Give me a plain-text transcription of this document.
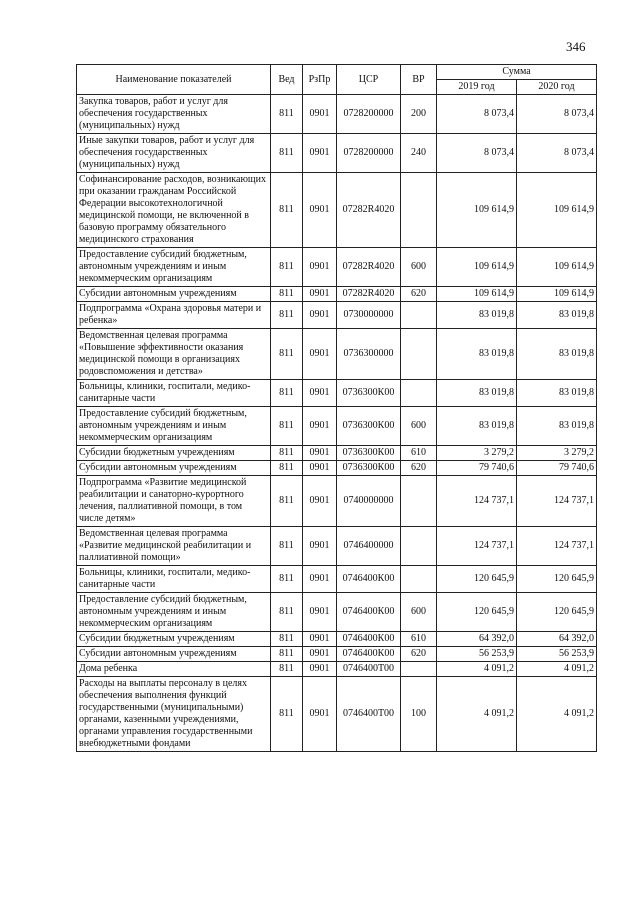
346
Наименование показателей	Вед	РзПр	ЦСР	ВР	Сумма	
					2019 год	2020 год
Закупка товаров, работ и услуг для обеспечения государственных (муниципальных) нужд	811	0901	0728200000	200	8 073,4	8 073,4
Иные закупки товаров, работ и услуг для обеспечения государственных (муниципальных) нужд	811	0901	0728200000	240	8 073,4	8 073,4
Софинансирование расходов, возникающих при оказании гражданам Российской Федерации высокотехнологичной медицинской помощи, не включенной в базовую программу обязательного медицинского страхования	811	0901	07282R4020		109 614,9	109 614,9
Предоставление субсидий бюджетным, автономным учреждениям и иным некоммерческим организациям	811	0901	07282R4020	600	109 614,9	109 614,9
Субсидии автономным учреждениям	811	0901	07282R4020	620	109 614,9	109 614,9
Подпрограмма «Охрана здоровья матери и ребенка»	811	0901	0730000000		83 019,8	83 019,8
Ведомственная целевая программа «Повышение эффективности оказания медицинской помощи в организациях родовспоможения и детства»	811	0901	0736300000		83 019,8	83 019,8
Больницы, клиники, госпитали, медико-санитарные части	811	0901	0736300К00		83 019,8	83 019,8
Предоставление субсидий бюджетным, автономным учреждениям и иным некоммерческим организациям	811	0901	0736300К00	600	83 019,8	83 019,8
Субсидии бюджетным учреждениям	811	0901	0736300К00	610	3 279,2	3 279,2
Субсидии автономным учреждениям	811	0901	0736300К00	620	79 740,6	79 740,6
Подпрограмма «Развитие медицинской реабилитации и санаторно-курортного лечения, паллиативной помощи, в том числе детям»	811	0901	0740000000		124 737,1	124 737,1
Ведомственная целевая программа «Развитие медицинской реабилитации и паллиативной помощи»	811	0901	0746400000		124 737,1	124 737,1
Больницы, клиники, госпитали, медико-санитарные части	811	0901	0746400К00		120 645,9	120 645,9
Предоставление субсидий бюджетным, автономным учреждениям и иным некоммерческим организациям	811	0901	0746400К00	600	120 645,9	120 645,9
Субсидии бюджетным учреждениям	811	0901	0746400К00	610	64 392,0	64 392,0
Субсидии автономным учреждениям	811	0901	0746400К00	620	56 253,9	56 253,9
Дома ребенка	811	0901	0746400Т00		4 091,2	4 091,2
Расходы на выплаты персоналу в целях обеспечения выполнения функций государственными (муниципальными) органами, казенными учреждениями, органами управления государственными внебюджетными фондами	811	0901	0746400Т00	100	4 091,2	4 091,2
